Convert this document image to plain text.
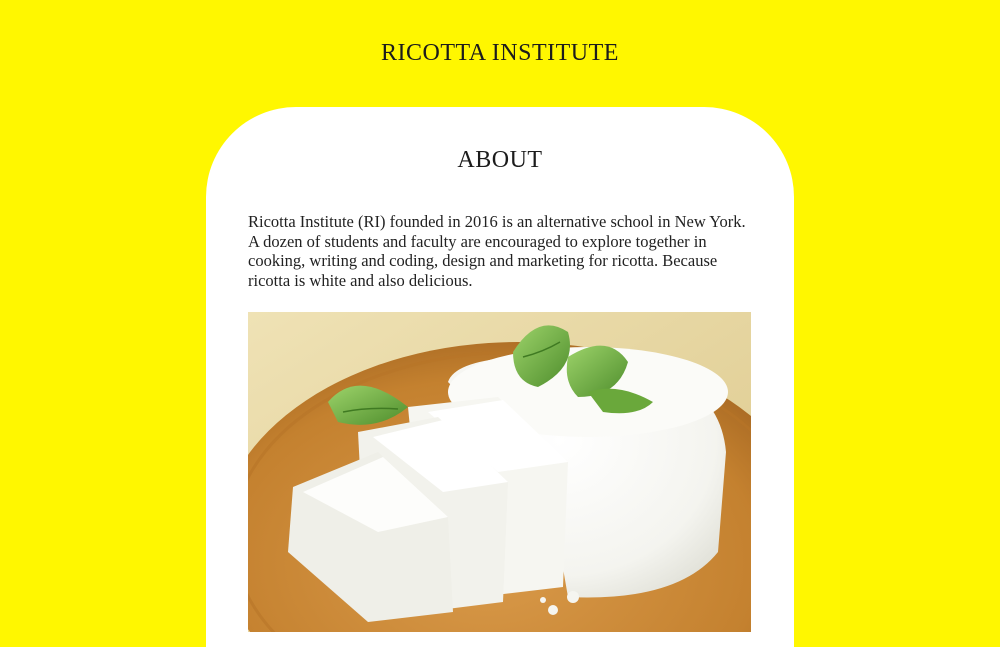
RICOTTA INSTITUTE
ABOUT

Ricotta Institute (RI) founded in 2016 is an alternative school in New York. A dozen of students and faculty are encouraged to explore together in cooking, writing and coding, design and marketing for ricotta. Because ricotta is white and also delicious.
